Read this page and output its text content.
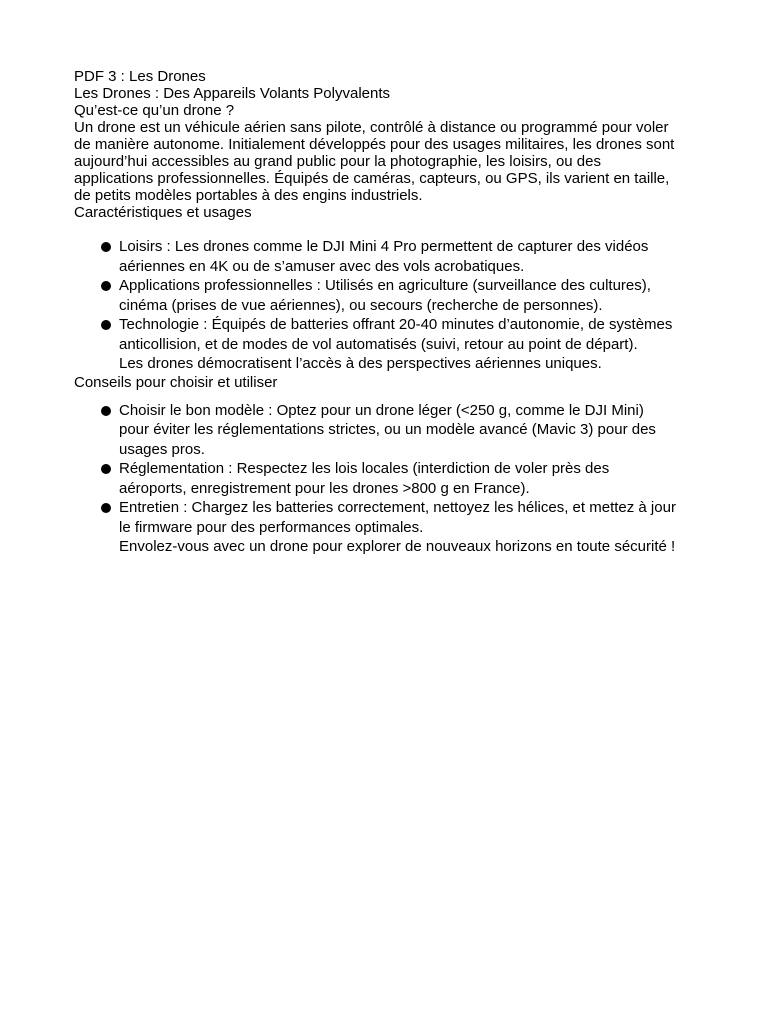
PDF 3 : Les Drones
Les Drones : Des Appareils Volants Polyvalents
Qu’est-ce qu’un drone ?
Un drone est un véhicule aérien sans pilote, contrôlé à distance ou programmé pour voler
de manière autonome. Initialement développés pour des usages militaires, les drones sont
aujourd’hui accessibles au grand public pour la photographie, les loisirs, ou des
applications professionnelles. Équipés de caméras, capteurs, ou GPS, ils varient en taille,
de petits modèles portables à des engins industriels.
Caractéristiques et usages
Loisirs : Les drones comme le DJI Mini 4 Pro permettent de capturer des vidéos
aériennes en 4K ou de s’amuser avec des vols acrobatiques.
Applications professionnelles : Utilisés en agriculture (surveillance des cultures),
cinéma (prises de vue aériennes), ou secours (recherche de personnes).
Technologie : Équipés de batteries offrant 20-40 minutes d’autonomie, de systèmes
anticollision, et de modes de vol automatisés (suivi, retour au point de départ).
Les drones démocratisent l’accès à des perspectives aériennes uniques.
Conseils pour choisir et utiliser
Choisir le bon modèle : Optez pour un drone léger (<250 g, comme le DJI Mini)
pour éviter les réglementations strictes, ou un modèle avancé (Mavic 3) pour des
usages pros.
Réglementation : Respectez les lois locales (interdiction de voler près des
aéroports, enregistrement pour les drones >800 g en France).
Entretien : Chargez les batteries correctement, nettoyez les hélices, et mettez à jour
le firmware pour des performances optimales.
Envolez-vous avec un drone pour explorer de nouveaux horizons en toute sécurité !
